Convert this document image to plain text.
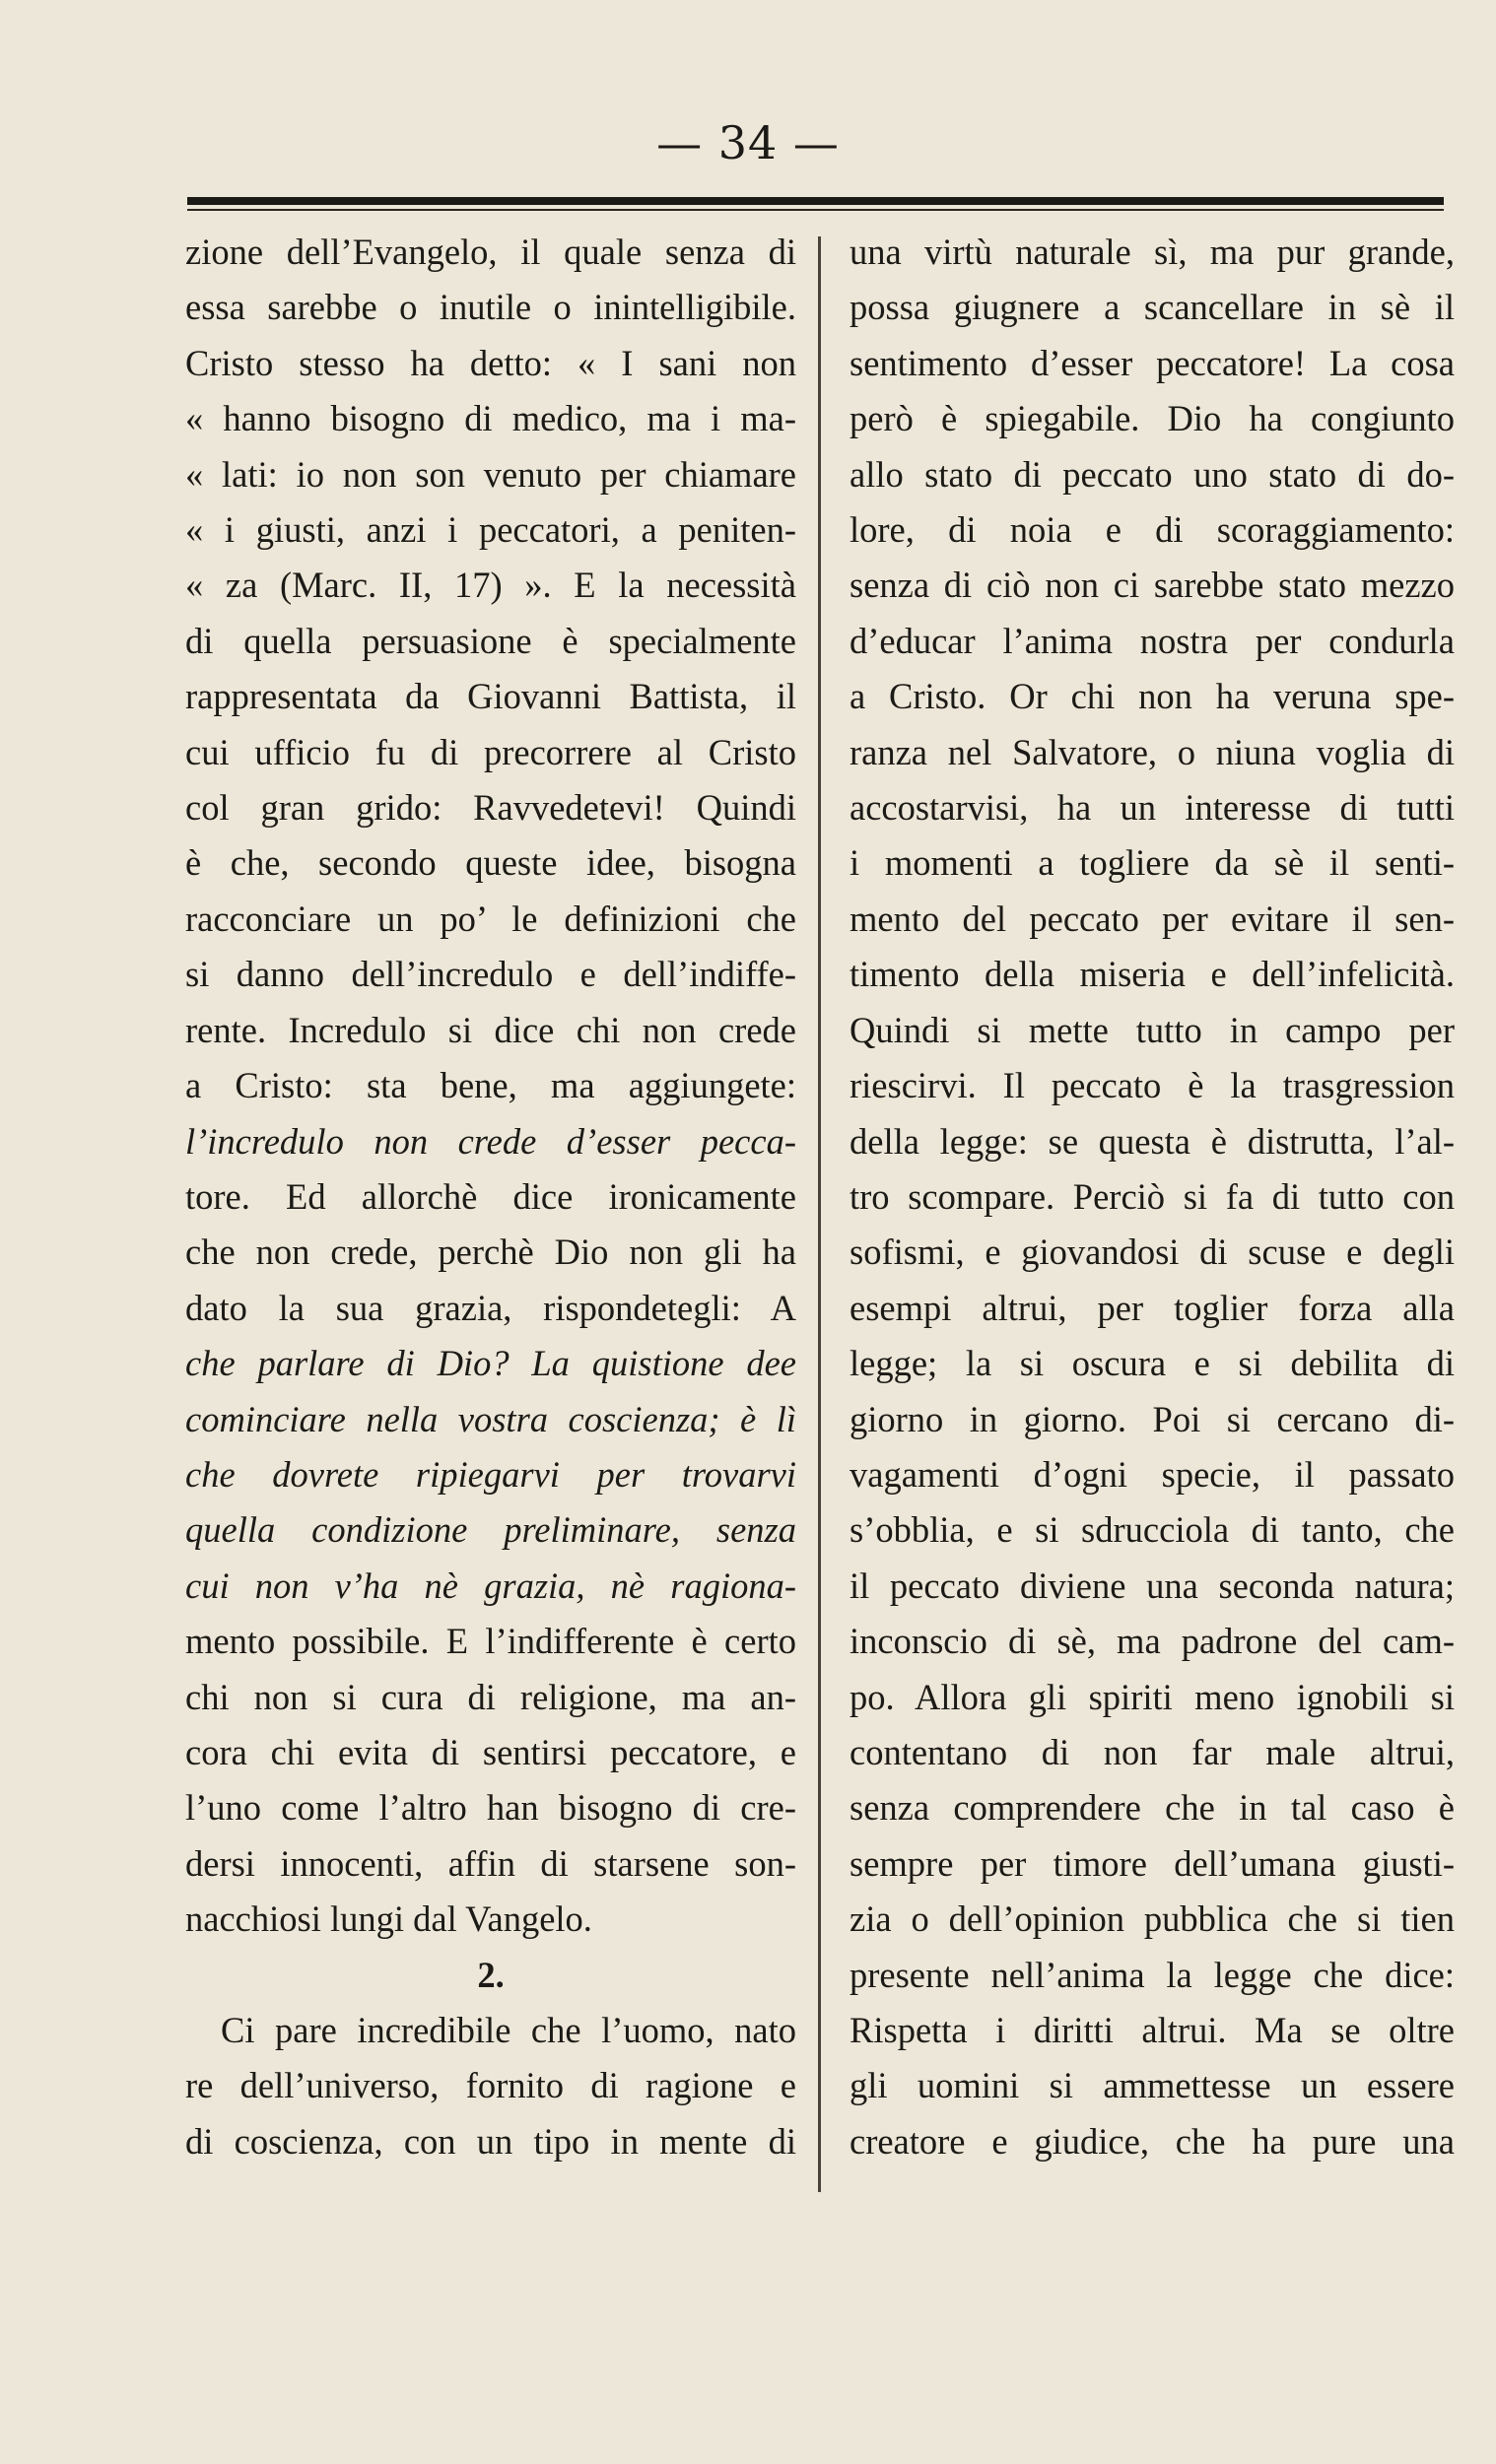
— 34 —
zione dell’Evangelo, il quale senza di
essa sarebbe o inutile o inintelligibile.
Cristo stesso ha detto: « I sani non
« hanno bisogno di medico, ma i ma-
« lati: io non son venuto per chiamare
« i giusti, anzi i peccatori, a peniten-
« za (Marc. II, 17) ». E la necessità
di quella persuasione è specialmente
rappresentata da Giovanni Battista, il
cui ufficio fu di precorrere al Cristo
col gran grido: Ravvedetevi! Quindi
è che, secondo queste idee, bisogna
racconciare un po’ le definizioni che
si danno dell’incredulo e dell’indiffe-
rente. Incredulo si dice chi non crede
a Cristo: sta bene, ma aggiungete:
l’incredulo non crede d’esser pecca-
tore. Ed allorchè dice ironicamente
che non crede, perchè Dio non gli ha
dato la sua grazia, rispondetegli: A
che parlare di Dio? La quistione dee
cominciare nella vostra coscienza; è lì
che dovrete ripiegarvi per trovarvi
quella condizione preliminare, senza
cui non v’ha nè grazia, nè ragiona-
mento possibile. E l’indifferente è certo
chi non si cura di religione, ma an-
cora chi evita di sentirsi peccatore, e
l’uno come l’altro han bisogno di cre-
dersi innocenti, affin di starsene son-
nacchiosi lungi dal Vangelo.
2.
Ci pare incredibile che l’uomo, nato
re dell’universo, fornito di ragione e
di coscienza, con un tipo in mente di
una virtù naturale sì, ma pur grande,
possa giugnere a scancellare in sè il
sentimento d’esser peccatore! La cosa
però è spiegabile. Dio ha congiunto
allo stato di peccato uno stato di do-
lore, di noia e di scoraggiamento:
senza di ciò non ci sarebbe stato mezzo
d’educar l’anima nostra per condurla
a Cristo. Or chi non ha veruna spe-
ranza nel Salvatore, o niuna voglia di
accostarvisi, ha un interesse di tutti
i momenti a togliere da sè il senti-
mento del peccato per evitare il sen-
timento della miseria e dell’infelicità.
Quindi si mette tutto in campo per
riescirvi. Il peccato è la trasgression
della legge: se questa è distrutta, l’al-
tro scompare. Perciò si fa di tutto con
sofismi, e giovandosi di scuse e degli
esempi altrui, per toglier forza alla
legge; la si oscura e si debilita di
giorno in giorno. Poi si cercano di-
vagamenti d’ogni specie, il passato
s’obblia, e si sdrucciola di tanto, che
il peccato diviene una seconda natura;
inconscio di sè, ma padrone del cam-
po. Allora gli spiriti meno ignobili si
contentano di non far male altrui,
senza comprendere che in tal caso è
sempre per timore dell’umana giusti-
zia o dell’opinion pubblica che si tien
presente nell’anima la legge che dice:
Rispetta i diritti altrui. Ma se oltre
gli uomini si ammettesse un essere
creatore e giudice, che ha pure una
